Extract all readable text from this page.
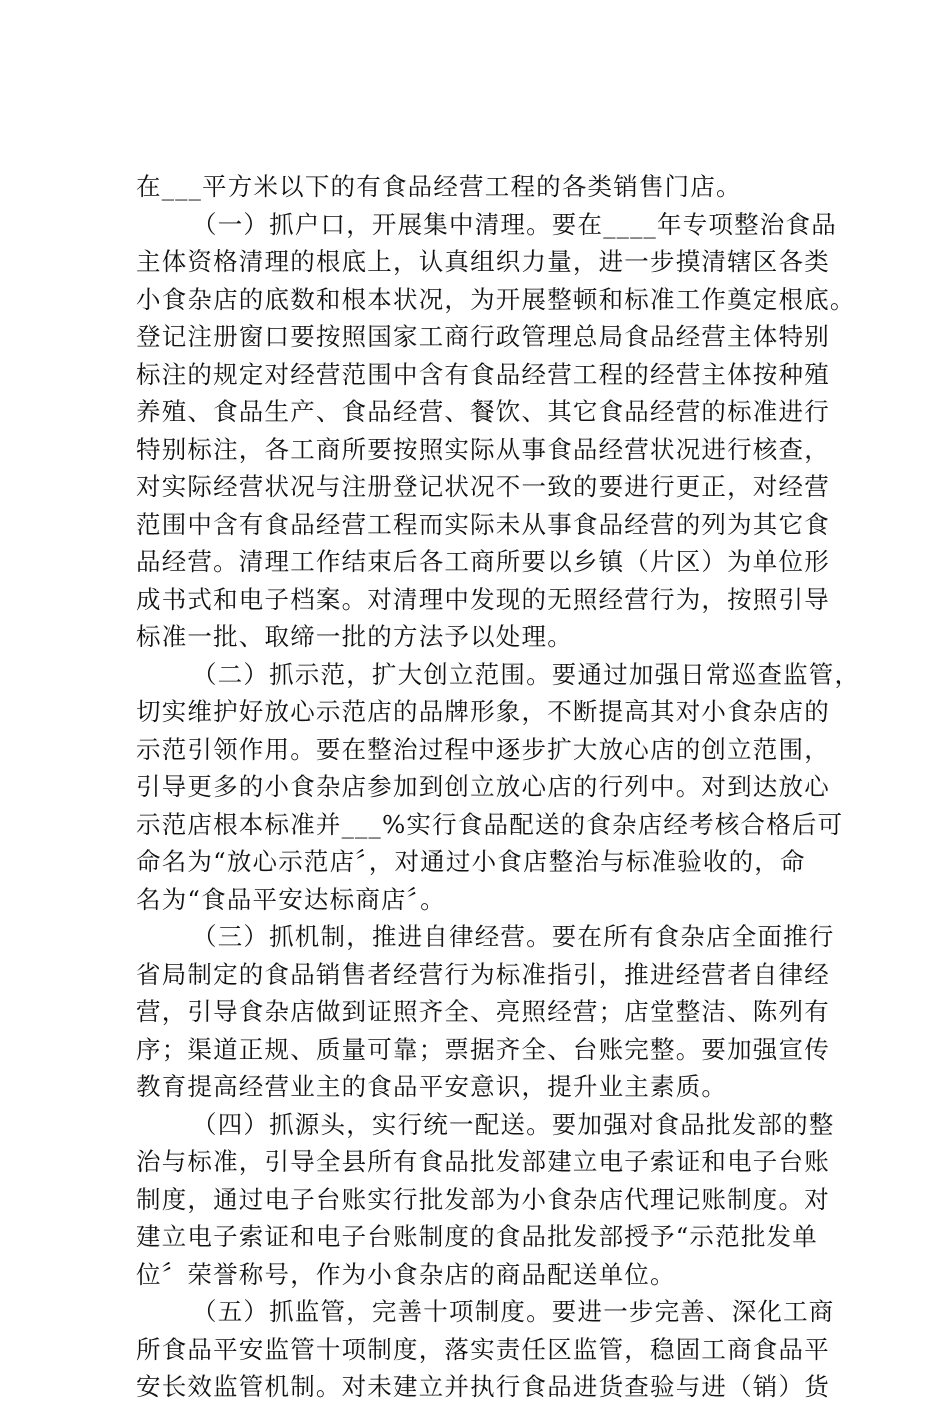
在___平方米以下的有食品经营工程的各类销售门店。
（一）抓户口，开展集中清理。要在____年专项整治食品
主体资格清理的根底上，认真组织力量，进一步摸清辖区各类
小食杂店的底数和根本状况，为开展整顿和标准工作奠定根底。
登记注册窗口要按照国家工商行政管理总局食品经营主体特别
标注的规定对经营范围中含有食品经营工程的经营主体按种殖
养殖、食品生产、食品经营、餐饮、其它食品经营的标准进行
特别标注，各工商所要按照实际从事食品经营状况进行核查，
对实际经营状况与注册登记状况不一致的要进行更正，对经营
范围中含有食品经营工程而实际未从事食品经营的列为其它食
品经营。清理工作结束后各工商所要以乡镇（片区）为单位形
成书式和电子档案。对清理中发现的无照经营行为，按照引导
标准一批、取缔一批的方法予以处理。
（二）抓示范，扩大创立范围。要通过加强日常巡查监管，
切实维护好放心示范店的品牌形象，不断提高其对小食杂店的
示范引领作用。要在整治过程中逐步扩大放心店的创立范围，
引导更多的小食杂店参加到创立放心店的行列中。对到达放心
示范店根本标准并___%实行食品配送的食杂店经考核合格后可
命名为“放心示范店〞，对通过小食店整治与标准验收的，命
名为“食品平安达标商店〞。
（三）抓机制，推进自律经营。要在所有食杂店全面推行
省局制定的食品销售者经营行为标准指引，推进经营者自律经
营，引导食杂店做到证照齐全、亮照经营；店堂整洁、陈列有
序；渠道正规、质量可靠；票据齐全、台账完整。要加强宣传
教育提高经营业主的食品平安意识，提升业主素质。
（四）抓源头，实行统一配送。要加强对食品批发部的整
治与标准，引导全县所有食品批发部建立电子索证和电子台账
制度，通过电子台账实行批发部为小食杂店代理记账制度。对
建立电子索证和电子台账制度的食品批发部授予“示范批发单
位〞荣誉称号，作为小食杂店的商品配送单位。
（五）抓监管，完善十项制度。要进一步完善、深化工商
所食品平安监管十项制度，落实责任区监管，稳固工商食品平
安长效监管机制。对未建立并执行食品进货查验与进（销）货
